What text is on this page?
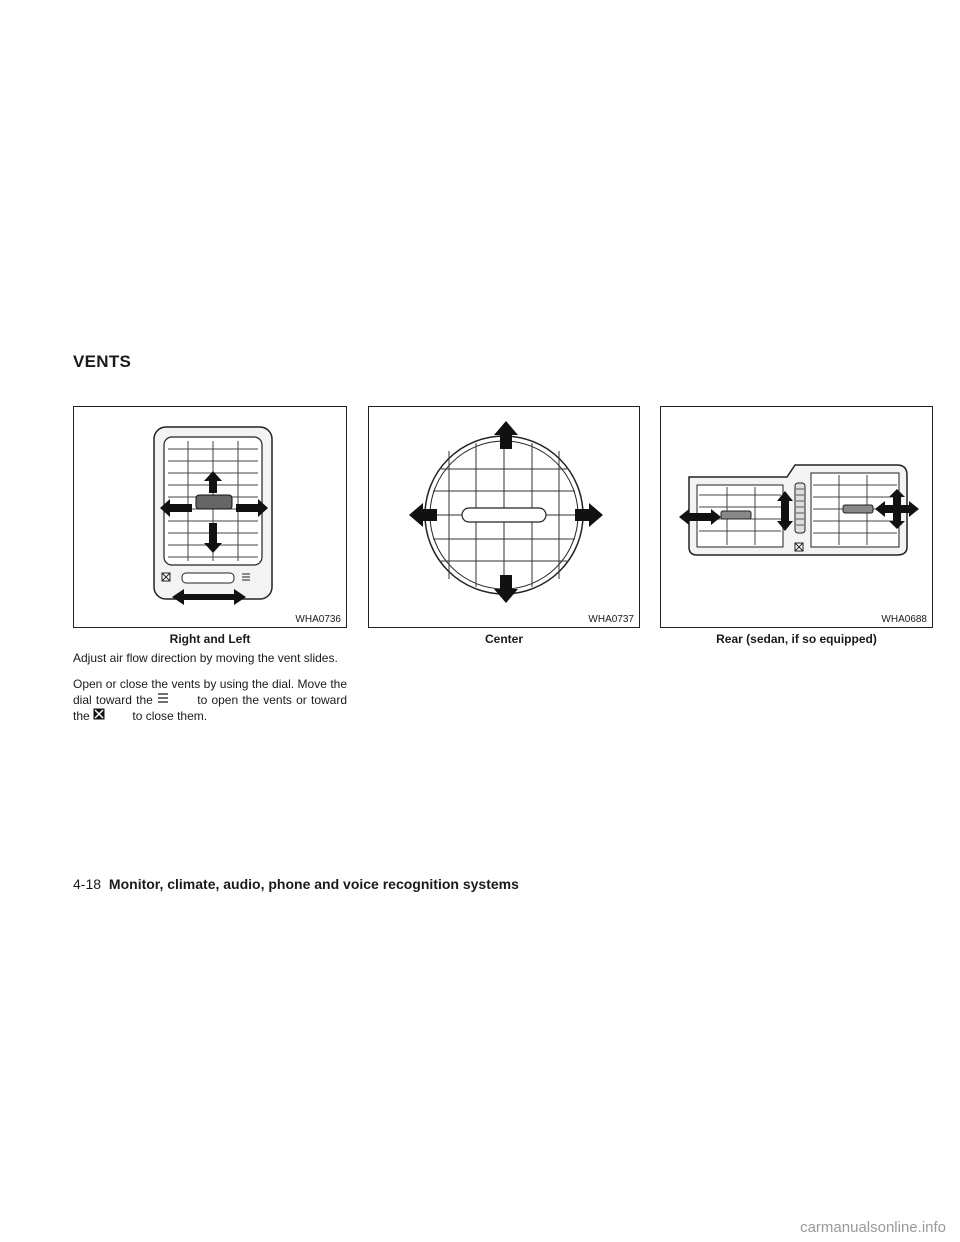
VENTS
WHA0736	WHA0737	WHA0688
Right and Left	Center	Rear (sedan, if so equipped)

Adjust air flow direction by moving the vent slides.

Open or close the vents by using the dial. Move the dial toward the	to open the vents or toward the	to close them.

4-18 Monitor, climate, audio, phone and voice recognition systems
carmanualsonline.info
